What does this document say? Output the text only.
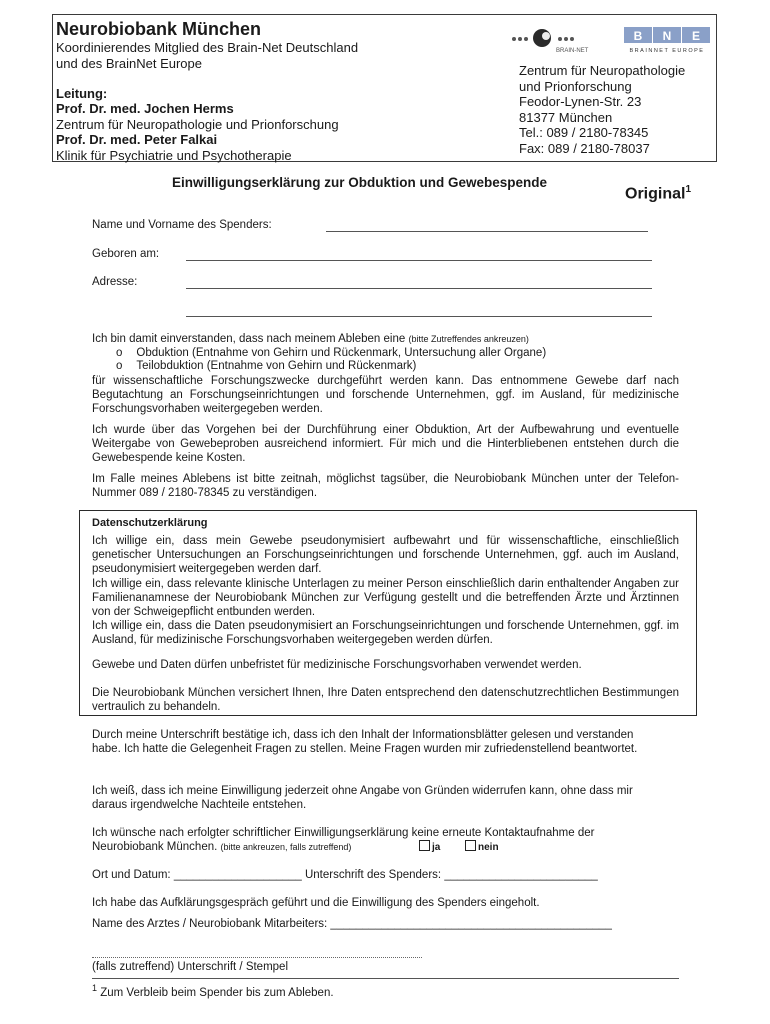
Neurobiobank München
Koordinierendes Mitglied des Brain-Net Deutschland
und des BrainNet Europe
Leitung:
Prof. Dr. med. Jochen Herms
Zentrum für Neuropathologie und Prionforschung
Prof. Dr. med. Peter Falkai
Klinik für Psychiatrie und Psychotherapie
BRAIN-NET
B N E
BRAINNET EUROPE
Zentrum für Neuropathologie
und Prionforschung
Feodor-Lynen-Str. 23
81377 München
Tel.: 089 / 2180-78345
Fax: 089 / 2180-78037
Einwilligungserklärung zur Obduktion und Gewebespende
Original$^1$
Name und Vorname des Spenders:
Geboren am:
Adresse:
Ich bin damit einverstanden, dass nach meinem Ableben eine (bitte Zutreffendes ankreuzen)
o Obduktion (Entnahme von Gehirn und Rückenmark, Untersuchung aller Organe)
o Teilobduktion (Entnahme von Gehirn und Rückenmark)
für wissenschaftliche Forschungszwecke durchgeführt werden kann. Das entnommene Gewebe darf nach Begutachtung an Forschungseinrichtungen und forschende Unternehmen, ggf. im Ausland, für medizinische Forschungsvorhaben weitergegeben werden.
Ich wurde über das Vorgehen bei der Durchführung einer Obduktion, Art der Aufbewahrung und eventuelle Weitergabe von Gewebeproben ausreichend informiert. Für mich und die Hinterbliebenen entstehen durch die Gewebespende keine Kosten.
Im Falle meines Ablebens ist bitte zeitnah, möglichst tagsüber, die Neurobiobank München unter der Telefon-Nummer 089 / 2180-78345 zu verständigen.
Datenschutzerklärung
Ich willige ein, dass mein Gewebe pseudonymisiert aufbewahrt und für wissenschaftliche, einschließlich genetischer Untersuchungen an Forschungseinrichtungen und forschende Unternehmen, ggf. auch im Ausland, pseudonymisiert weitergegeben werden darf.
Ich willige ein, dass relevante klinische Unterlagen zu meiner Person einschließlich darin enthaltender Angaben zur Familienanamnese der Neurobiobank München zur Verfügung gestellt und die betreffenden Ärzte und Ärztinnen von der Schweigepflicht entbunden werden.
Ich willige ein, dass die Daten pseudonymisiert an Forschungseinrichtungen und forschende Unternehmen, ggf. im Ausland, für medizinische Forschungsvorhaben weitergegeben werden dürfen.
Gewebe und Daten dürfen unbefristet für medizinische Forschungsvorhaben verwendet werden.
Die Neurobiobank München versichert Ihnen, Ihre Daten entsprechend den datenschutzrechtlichen Bestimmungen vertraulich zu behandeln.
Durch meine Unterschrift bestätige ich, dass ich den Inhalt der Informationsblätter gelesen und verstanden habe. Ich hatte die Gelegenheit Fragen zu stellen. Meine Fragen wurden mir zufriedenstellend beantwortet.
Ich weiß, dass ich meine Einwilligung jederzeit ohne Angabe von Gründen widerrufen kann, ohne dass mir daraus irgendwelche Nachteile entstehen.
Ich wünsche nach erfolgter schriftlicher Einwilligungserklärung keine erneute Kontaktaufnahme der
Neurobiobank München. (bitte ankreuzen, falls zutreffend)	ja	nein
Ort und Datum: ____________________ Unterschrift des Spenders: ________________________
Ich habe das Aufklärungsgespräch geführt und die Einwilligung des Spenders eingeholt.
Name des Arztes / Neurobiobank Mitarbeiters: ____________________________________________
(falls zutreffend) Unterschrift / Stempel
$^1$ Zum Verbleib beim Spender bis zum Ableben.
